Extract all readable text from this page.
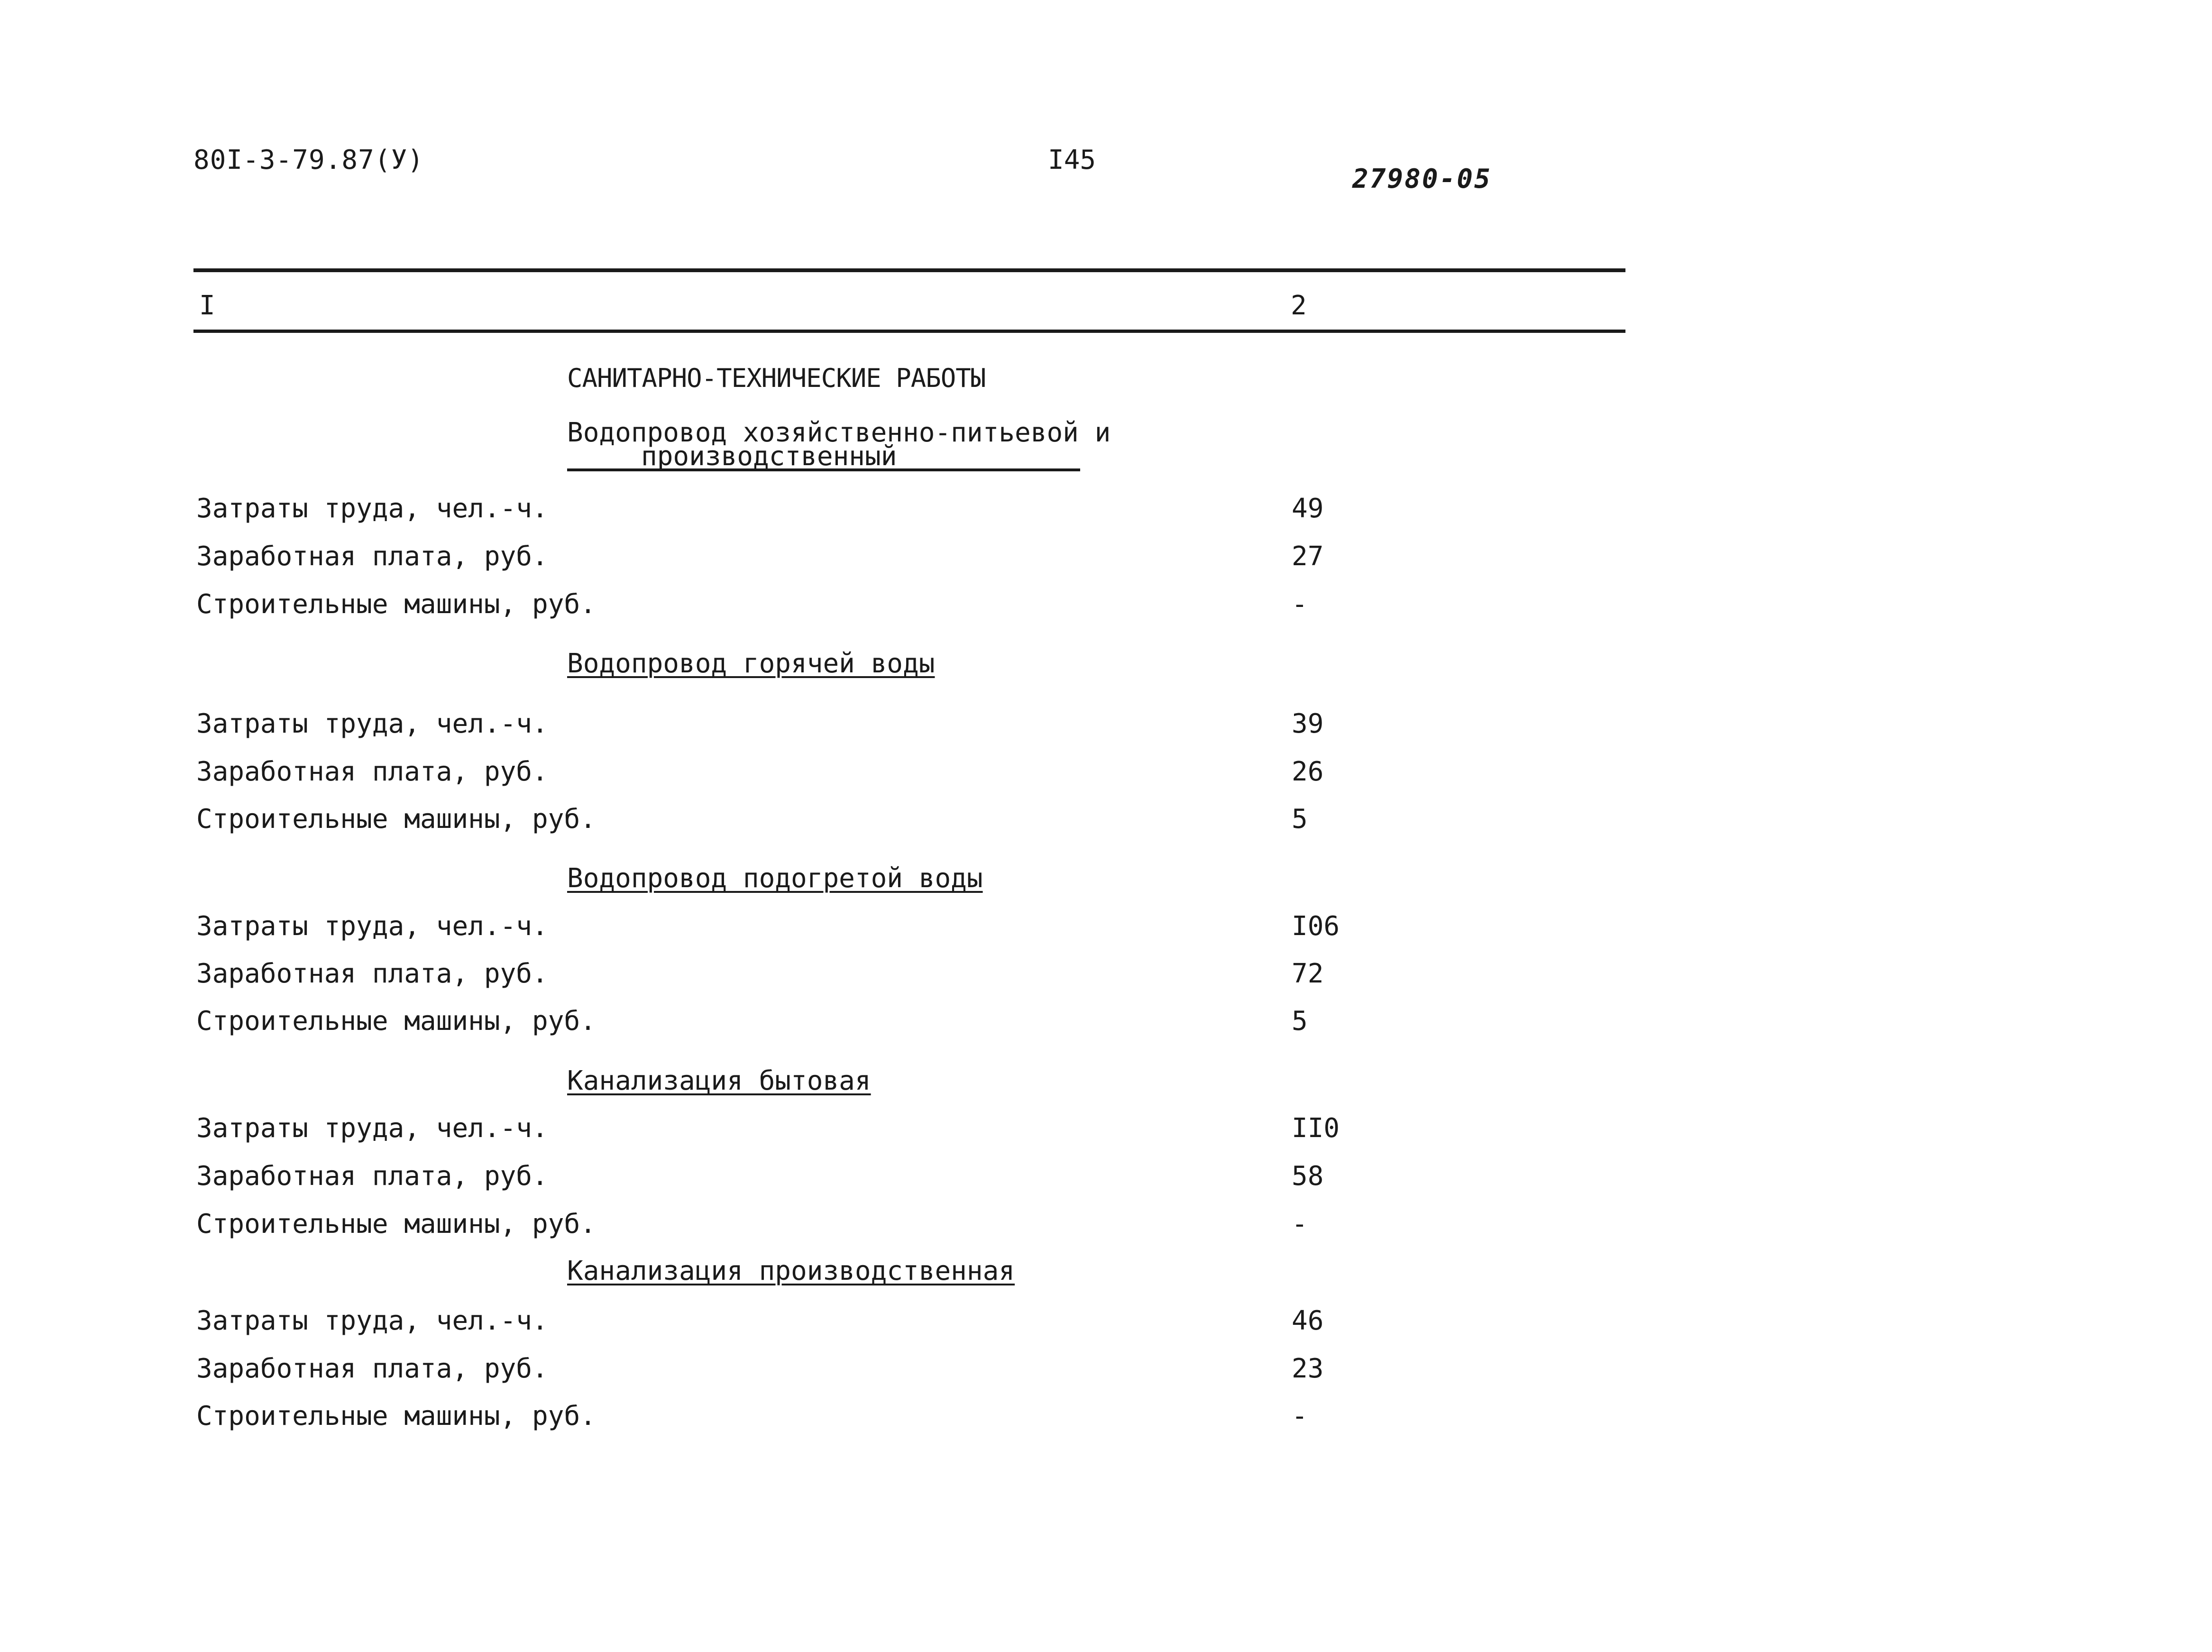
80I-3-79.87(У)	I45
27980-05
I	2
САНИТАРНО-ТЕХНИЧЕСКИЕ РАБОТЫ
Водопровод хозяйственно-питьевой и
производственный
Затраты труда, чел.-ч.	49
Заработная плата, руб.	27
Строительные машины, руб.	-
Водопровод горячей воды
Затраты труда, чел.-ч.	39
Заработная плата, руб.	26
Строительные машины, руб.	5
Водопровод подогретой воды
Затраты труда, чел.-ч.	I06
Заработная плата, руб.	72
Строительные машины, руб.	5
Канализация бытовая
Затраты труда, чел.-ч.	II0
Заработная плата, руб.	58
Строительные машины, руб.	-
Канализация производственная
Затраты труда, чел.-ч.	46
Заработная плата, руб.	23
Строительные машины, руб.	-
